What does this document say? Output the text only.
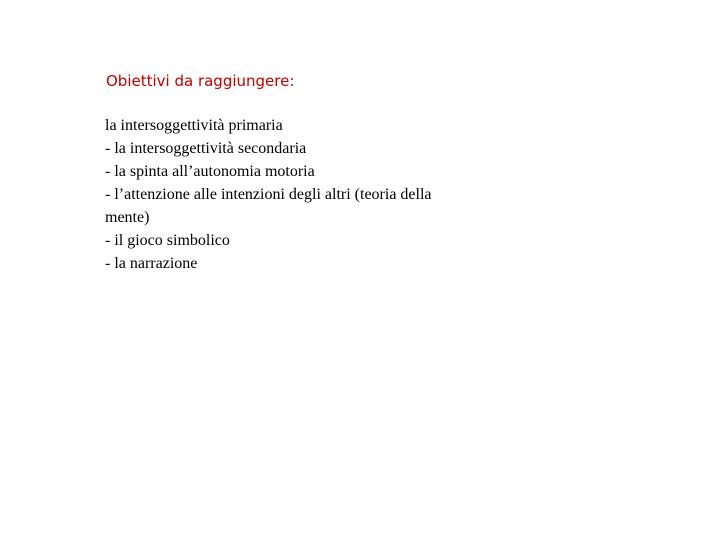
Obiettivi da raggiungere:
la intersoggettività primaria
- la intersoggettività secondaria
- la spinta all’autonomia motoria
- l’attenzione alle intenzioni degli altri (teoria della
mente)
- il gioco simbolico
- la narrazione
